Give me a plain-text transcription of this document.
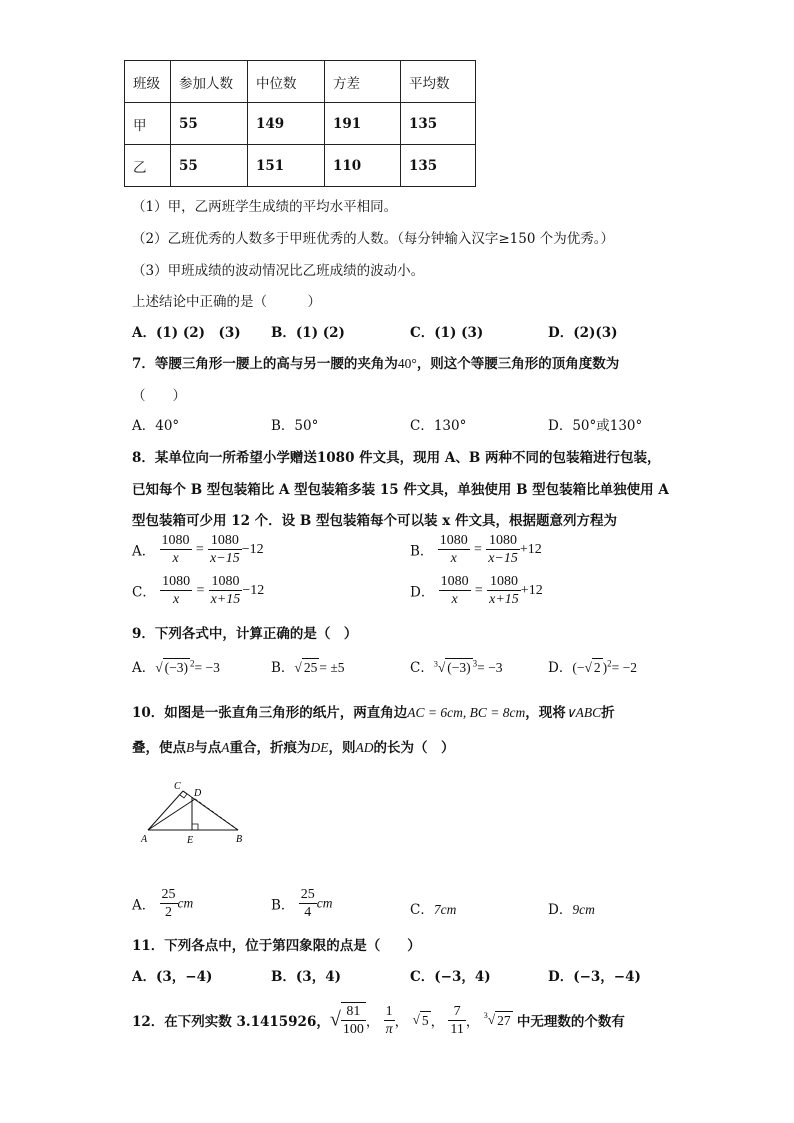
班级	参加人数	中位数	方差	平均数
甲	55	149	191	135
乙	55	151	110	135
（1）甲，乙两班学生成绩的平均水平相同。
（2）乙班优秀的人数多于甲班优秀的人数。（每分钟输入汉字≥150 个为优秀。）
（3）甲班成绩的波动情况比乙班成绩的波动小。
上述结论中正确的是（　　　）
A．(1) (2)　(3) B．(1) (2)	C．(1) (3)	D．(2)(3)
7．等腰三角形一腰上的高与另一腰的夹角为40°，则这个等腰三角形的顶角度数为
（　　）
A．40°	B．50°	C．130°	D．50°或130°
8．某单位向一所希望小学赠送1080 件文具，现用 A、B 两种不同的包装箱进行包装，
已知每个 B 型包装箱比 A 型包装箱多装 15 件文具，单独使用 B 型包装箱比单独使用 A
型包装箱可少用 12 个．设 B 型包装箱每个可以装 x 件文具，根据题意列方程为
A． $\frac{1080}{x} = \frac{1080}{x-15} -12$	B． $\frac{1080}{x} = \frac{1080}{x-15} +12$
C． $\frac{1080}{x} = \frac{1080}{x+15} -12$	D． $\frac{1080}{x} = \frac{1080}{x+15} +12$
9．下列各式中，计算正确的是（　）
A．√ (−3) $^2$= −3	B．√ 25 = ±5	C．$^3$√ (−3) $^3$= −3	D．(−√ 2 )$^2$= −2
10．如图是一张直角三角形的纸片，两直角边AC = 6cm, BC = 8cm，现将∨ABC折
叠，使点B与点A重合，折痕为DE，则AD的长为（　）
A	B
C
D
E
A． $\frac{25}{2}$ cm	B． $\frac{25}{4}$ cm	C．7cm	D．9cm
11．下列各点中，位于第四象限的点是（　　）
A．(3，−4)	B．(3，4)	C．(−3，4)	D．(−3，−4)
12．在下列实数 3.1415926，√ $\frac{81}{100}$ ， $\frac{1}{\pi}$ ， √ 5 ， $\frac{7}{11}$ ， $^3$√ 27 中无理数的个数有
